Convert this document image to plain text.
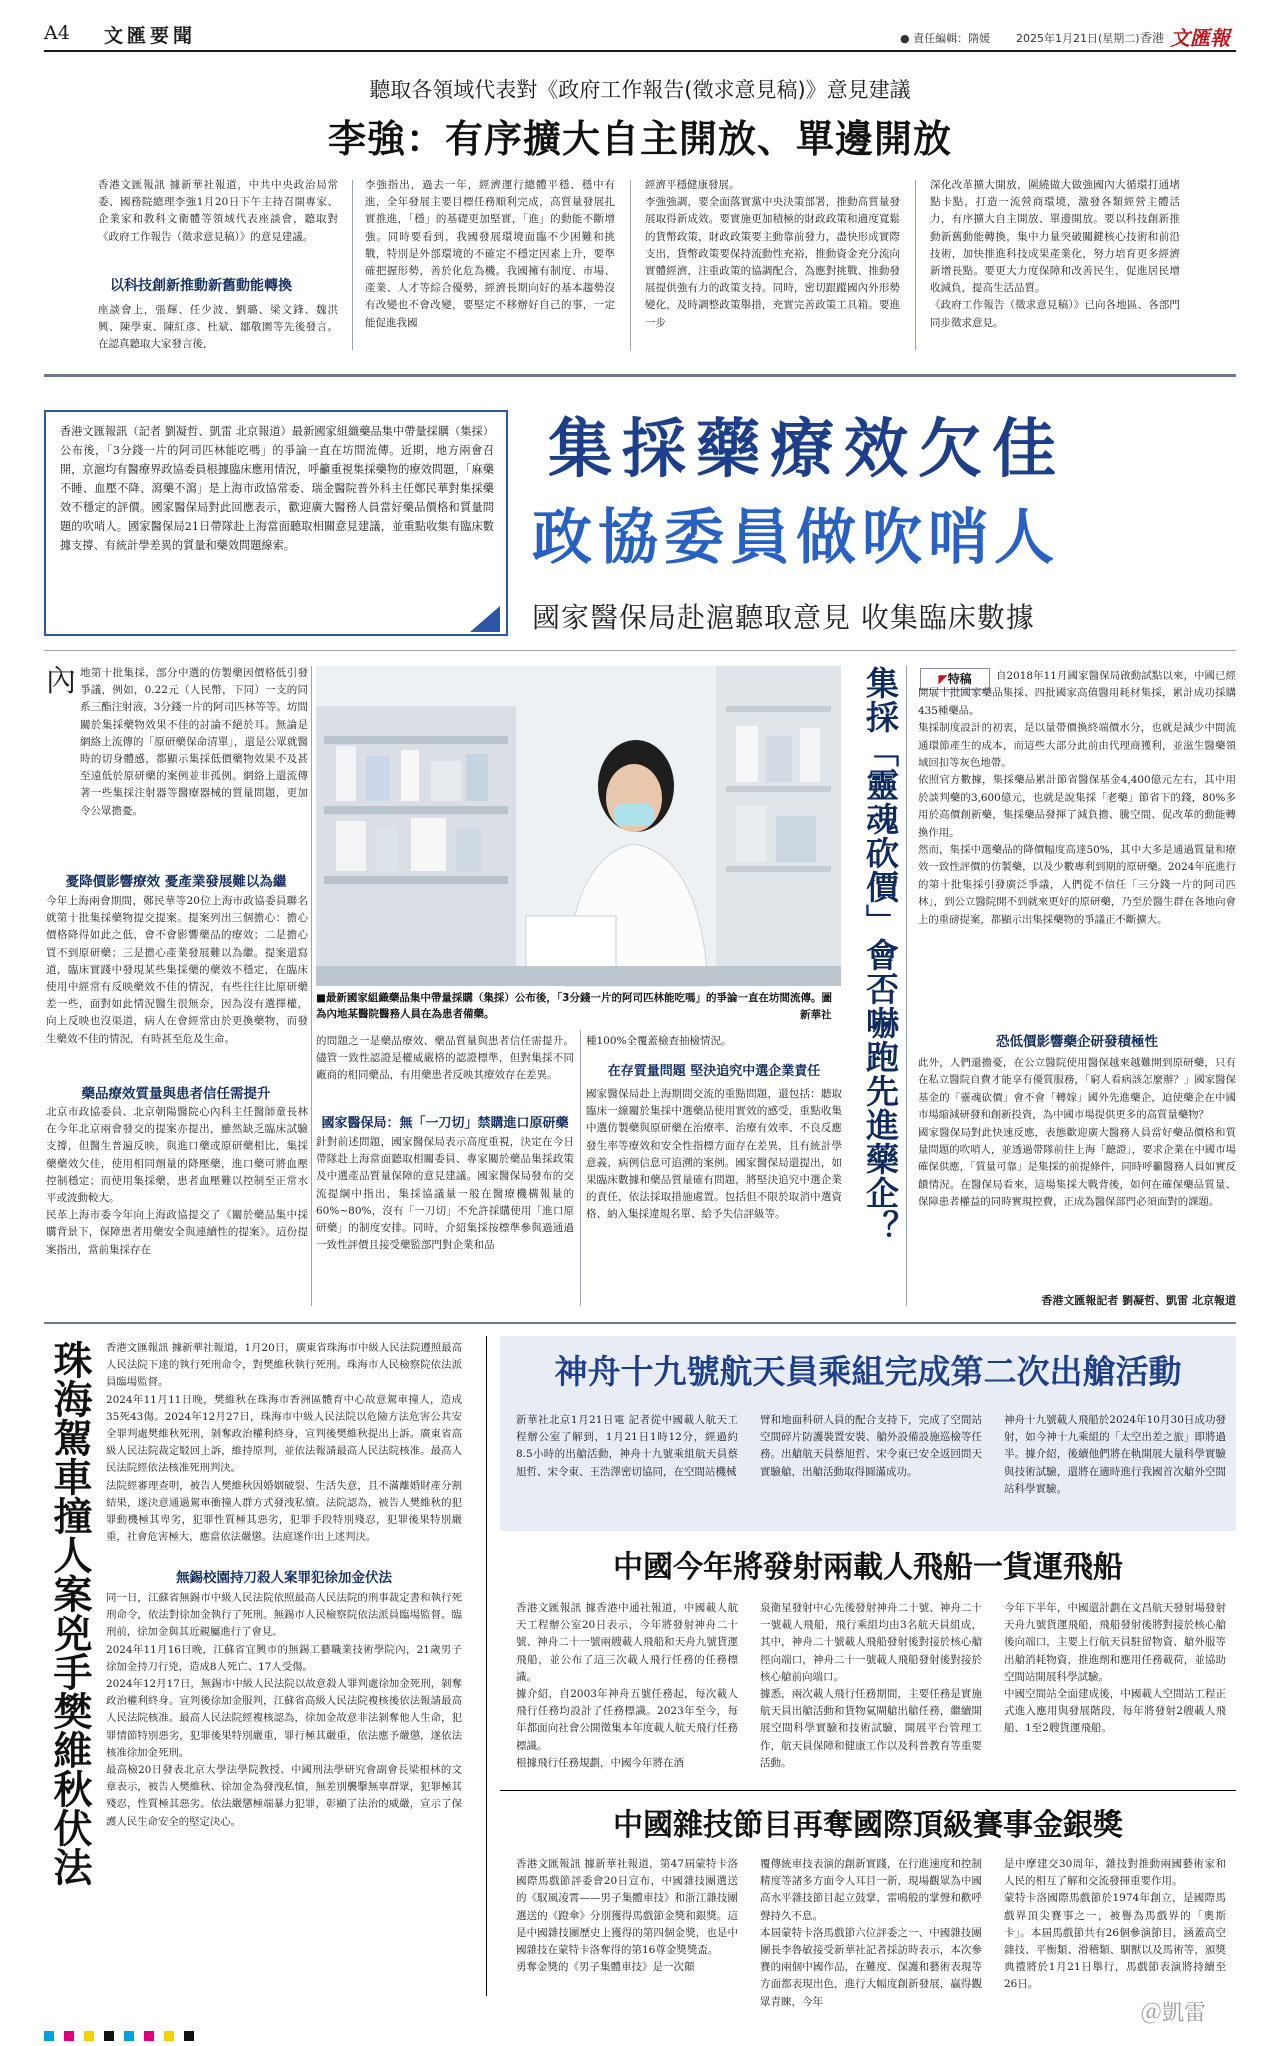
A4 文匯要聞	● 責任編輯：隋媛 2025年1月21日(星期二) 香港 文匯報
聽取各領域代表對《政府工作報告(徵求意見稿)》意見建議
李強：有序擴大自主開放、單邊開放
香港文匯報訊 據新華社報道，中共中央政治局常委、國務院總理李強1月20日下午主持召開專家、企業家和教科文衛體等領域代表座談會，聽取對《政府工作報告（徵求意見稿）》的意見建議。
以科技創新推動新舊動能轉換
座談會上，張輝、任少波、劉璐、梁文鋒、魏洪興、陳學東、陳紅彥、杜斌、鄒敬園等先後發言。在認真聽取大家發言後，
李強指出，過去一年，經濟運行總體平穩、穩中有進，全年發展主要目標任務順利完成，高質量發展扎實推進，「穩」的基礎更加堅實，「進」的動能不斷增強。同時要看到，我國發展環境面臨不少困難和挑戰，特別是外部環境的不確定不穩定因素上升，要準確把握形勢，善於化危為機。我國擁有制度、市場、產業、人才等綜合優勢，經濟長期向好的基本趨勢沒有改變也不會改變，要堅定不移辦好自己的事，一定能促進我國
經濟平穩健康發展。
李強強調，要全面落實黨中央決策部署，推動高質量發展取得新成效。要實施更加積極的財政政策和適度寬鬆的貨幣政策，財政政策要主動靠前發力，盡快形成實際支出，貨幣政策要保持流動性充裕，推動資金充分流向實體經濟，注重政策的協調配合，為應對挑戰、推動發展提供強有力的政策支持。同時，密切跟蹤國內外形勢變化，及時調整政策舉措，充實完善政策工具箱。要進一步
深化改革擴大開放，圍繞做大做強國內大循環打通堵點卡點，打造一流營商環境，激發各類經營主體活力，有序擴大自主開放、單邊開放。要以科技創新推動新舊動能轉換，集中力量突破關鍵核心技術和前沿技術，加快推進科技成果產業化，努力培育更多經濟新增長點。要更大力度保障和改善民生，促進居民增收減負，提高生活品質。
《政府工作報告（徵求意見稿）》已向各地區、各部門同步徵求意見。
香港文匯報訊（記者 劉凝哲、凱雷 北京報道）最新國家組織藥品集中帶量採購（集採）公布後，「3分錢一片的阿司匹林能吃嗎」的爭論一直在坊間流傳。近期，地方兩會召開，京滬均有醫療界政協委員根據臨床應用情況，呼籲重視集採藥物的療效問題，「麻藥不睡、血壓不降、瀉藥不瀉」是上海市政協常委、瑞金醫院普外科主任鄭民華對集採藥效不穩定的評價。國家醫保局對此回應表示，歡迎廣大醫務人員當好藥品價格和質量問題的吹哨人。國家醫保局21日帶隊赴上海當面聽取相關意見建議，並重點收集有臨床數據支撐、有統計學差異的質量和藥效問題線索。
集採藥療效欠佳
政協委員做吹哨人
國家醫保局赴滬聽取意見 收集臨床數據
內 地第十批集採，部分中選的仿製藥因價格低引發爭議，例如，0.22元（人民幣，下同）一支的同系三酯注射液，3分錢一片的阿司匹林等等。坊間關於集採藥物效果不佳的討論不絕於耳。無論是網絡上流傳的「原研藥保命清單」，還是公眾就醫時的切身體感，都顯示集採低價藥物效果不及甚至遠低於原研藥的案例並非孤例。網絡上還流傳著一些集採注射器等醫療器械的質量問題，更加令公眾擔憂。
憂降價影響療效 憂產業發展難以為繼
今年上海兩會期間，鄭民華等20位上海市政協委員聯名就第十批集採藥物提交提案。提案列出三個擔心：擔心價格降得如此之低，會不會影響藥品的療效；二是擔心買不到原研藥；三是擔心產業發展難以為繼。提案還寫道，臨床實踐中發現某些集採藥的藥效不穩定，在臨床使用中經常有反映藥效不佳的情況，有些往往比原研藥差一些，面對如此情況醫生很無奈，因為沒有選擇權，向上反映也沒渠道，病人在會經常由於更換藥物，而發生藥效不佳的情況，有時甚至危及生命。
藥品療效質量與患者信任需提升
北京市政協委員、北京朝陽醫院心內科主任醫師童長林在今年北京兩會發交的提案亦提出，雖然缺乏臨床試驗支撐，但醫生普遍反映，與進口藥或原研藥相比，集採藥藥效欠佳，使用相同劑量的降壓藥，進口藥可將血壓控制穩定；而使用集採藥，患者血壓難以控制至正常水平或波動較大。
民革上海市委今年向上海政協提交了《關於藥品集中採購背景下，保障患者用藥安全與連續性的提案》。這份提案指出，當前集採存在
■最新國家組織藥品集中帶量採購（集採）公布後，「3分錢一片的阿司匹林能吃嗎」的爭論一直在坊間流傳。圖為內地某醫院醫務人員在為患者備藥。	新華社
的問題之一是藥品療效、藥品質量與患者信任需提升。儘管一致性認證是權威嚴格的認證標準，但對集採不同廠商的相同藥品，有用藥患者反映其療效存在差異。
國家醫保局：無「一刀切」禁購進口原研藥
針對前述問題，國家醫保局表示高度重視，決定在今日帶隊赴上海當面聽取相關委員、專家關於藥品集採政策及中選產品質量保障的意見建議。國家醫保局發布的交流提綱中指出，集採協議量一般在醫療機構報量的60%~80%，沒有「一刀切」不允許採購使用「進口原研藥」的制度安排。同時，介紹集採按標準參與過通過一致性評價且接受藥監部門對企業和品
種100%全覆蓋檢查抽檢情況。
在存質量問題 堅決追究中選企業責任
國家醫保局赴上海期間交流的重點問題，還包括：聽取臨床一線關於集採中選藥品使用實效的感受，重點收集中選仿製藥與原研藥在治療率、治療有效率、不良反應發生率等療效和安全性指標方面存在差異，且有統計學意義，病例信息可追溯的案例。國家醫保局還提出，如果臨床數據和藥品質量確有問題，將堅決追究中選企業的責任，依法採取措施處置。包括但不限於取消中選資格、納入集採違規名單、給予失信評級等。	集採「靈魂砍價」會否嚇跑先進藥企？	◤特稿	自2018年11月國家醫保局啟動試點以來，中國已經開展十批國家藥品集採、四批國家高值醫用耗材集採，累計成功採購435種藥品。
集採制度設計的初衷，是以量帶價換終端價水分，也就是減少中間流通環節產生的成本，而這些大部分此前由代理商獲利，並滋生醫藥領域回扣等灰色地帶。
依照官方數據，集採藥品累計節省醫保基金4,400億元左右，其中用於談判藥的3,600億元，也就是說集採「老藥」節省下的錢，80%多用於高價創新藥，集採藥品發揮了減負擔、騰空間、促改革的動能轉換作用。
然而，集採中選藥品的降價幅度高達50%，其中大多是通過質量和療效一致性評價的仿製藥，以及少數專利到期的原研藥。2024年底進行的第十批集採引發廣泛爭議，人們從不信任「三分錢一片的阿司匹林」，到公立醫院開不到就來更好的原研藥，乃至於醫生群在各地向會上的重磅提案，都顯示出集採藥物的爭議正不斷擴大。
恐低價影響藥企研發積極性
此外，人們還擔憂，在公立醫院使用醫保越來越難開到原研藥，只有在私立醫院自費才能享有優質服務，「窮人看病該怎麼辦？」國家醫保基金的「靈魂砍價」會不會「轉嫁」國外先進藥企，迫使藥企在中國市場縮減研發和創新投資，為中國市場提供更多的高質量藥物？
國家醫保局對此快速反應，表態歡迎廣大醫務人員當好藥品價格和質量問題的吹哨人，並透過帶隊前往上海「聽證」，要求企業在中國市場確保供應，「質量可靠」是集採的前提條件，同時呼籲醫務人員如實反饋情況。在醫保局看來，這場集採大戰背後，如何在確保藥品質量、保障患者權益的同時實現控費，正成為醫保部門必須面對的課題。
香港文匯報記者 劉凝哲、凱雷 北京報道
珠海駕車撞人案兇手樊維秋伏法 香港文匯報訊 據新華社報道，1月20日，廣東省珠海市中級人民法院遵照最高人民法院下達的執行死刑命令，對樊維秋執行死刑。珠海市人民檢察院依法派員臨場監督。
2024年11月11日晚，樊維秋在珠海市香洲區體育中心故意駕車撞人，造成35死43傷。2024年12月27日，珠海市中級人民法院以危險方法危害公共安全罪判處樊維秋死刑，剝奪政治權利終身，宣判後樊維秋提出上訴。廣東省高級人民法院裁定駁回上訴，維持原判，並依法報請最高人民法院核准。最高人民法院經依法核准死刑判決。
法院經審理查明，被告人樊維秋因婚姻破裂、生活失意，且不滿離婚財產分割結果，遂決意通過駕車衝撞人群方式發洩私憤。法院認為，被告人樊維秋的犯罪動機極其卑劣，犯罪性質極其惡劣，犯罪手段特別殘忍，犯罪後果特別嚴重，社會危害極大，應當依法嚴懲。法庭遂作出上述判決。
無錫校園持刀殺人案罪犯徐加金伏法
同一日，江蘇省無錫市中級人民法院依照最高人民法院的刑事裁定書和執行死刑命令，依法對徐加金執行了死刑。無錫市人民檢察院依法派員臨場監督。臨刑前，徐加金與其近親屬進行了會見。
2024年11月16日晚，江蘇省宜興市的無錫工藝職業技術學院內，21歲男子徐加金持刀行兇，造成8人死亡、17人受傷。
2024年12月17日，無錫市中級人民法院以故意殺人罪判處徐加金死刑，剝奪政治權利終身。宣判後徐加金服判，江蘇省高級人民法院複核後依法報請最高人民法院核准。最高人民法院經複核認為，徐加金故意非法剝奪他人生命，犯罪情節特別惡劣，犯罪後果特別嚴重，罪行極其嚴重，依法應予嚴懲，遂依法核准徐加金死刑。
最高檢20日發表北京大學法學院教授、中國刑法學研究會副會長梁根林的文章表示，被告人樊維秋、徐加金為發洩私憤，無差別襲擊無辜群眾，犯罪極其殘忍，性質極其惡劣。依法嚴懲極端暴力犯罪，彰顯了法治的威嚴，宣示了保護人民生命安全的堅定決心。
神舟十九號航天員乘組完成第二次出艙活動
新華社北京1月21日電 記者從中國載人航天工程辦公室了解到，1月21日1時12分，經過約8.5小時的出艙活動，神舟十九號乘組航天員蔡旭哲、宋令東、王浩澤密切協同，在空間站機械
臂和地面科研人員的配合支持下，完成了空間站空間碎片防護裝置安裝、艙外設備設施巡檢等任務。出艙航天員蔡旭哲、宋令東已安全返回問天實驗艙，出艙活動取得圓滿成功。
神舟十九號載人飛船於2024年10月30日成功發射，如今神十九乘組的「太空出差之旅」即將過半。據介紹，後續他們將在軌開展大量科學實驗與技術試驗，還將在適時進行我國首次艙外空間站科學實驗。
中國今年將發射兩載人飛船一貨運飛船
香港文匯報訊 據香港中通社報道，中國載人航天工程辦公室20日表示，今年將發射神舟二十號、神舟二十一號兩艘載人飛船和天舟九號貨運飛船，並公布了這三次載人飛行任務的任務標識。
據介紹，自2003年神舟五號任務起，每次載人飛行任務均設計了任務標識。2023年至今，每年都面向社會公開徵集本年度載人航天飛行任務標識。
根據飛行任務規劃，中國今年將在酒
泉衛星發射中心先後發射神舟二十號、神舟二十一號載人飛船，飛行乘組均由3名航天員組成，其中，神舟二十號載人飛船發射後對接於核心艙徑向端口，神舟二十一號載人飛船發射後對接於核心艙前向端口。
據悉，兩次載人飛行任務期間，主要任務是實施航天員出艙活動和貨物氣閘艙出艙任務，繼續開展空間科學實驗和技術試驗，開展平台管理工作，航天員保障和健康工作以及科普教育等重要活動。
今年下半年，中國還計劃在文昌航天發射場發射天舟九號貨運飛船，飛船發射後將對接於核心艙後向端口，主要上行航天員駐留物資、艙外服等出艙消耗物資，推進劑和應用任務載荷，並協助空間站開展科學試驗。
中國空間站全面建成後，中國載人空間站工程正式進入應用與發展階段，每年將發射2艘載人飛船、1至2艘貨運飛船。
中國雜技節目再奪國際頂級賽事金銀獎
香港文匯報訊 據新華社報道，第47屆蒙特卡洛國際馬戲節評委會20日宣布，中國雜技團選送的《馭風凌霄——男子集體車技》和浙江雜技團選送的《蹬傘》分別獲得馬戲節金獎和銀獎。這是中國雜技團歷史上獲得的第四個金獎，也是中國雜技在蒙特卡洛奪得的第16尊金獎獎盃。
勇奪金獎的《男子集體車技》是一次顛
覆傳統車技表演的創新實踐，在行進速度和控制精度等諸多方面令人耳目一新，現場觀眾為中國高水平雜技節目起立鼓掌，雷鳴般的掌聲和歡呼聲持久不息。
本屆蒙特卡洛馬戲節六位評委之一、中國雜技團團長李魯敏接受新華社記者採訪時表示，本次參賽的兩個中國作品，在難度、保護和藝術表現等方面都表現出色，進行大幅度創新發展，贏得觀眾青睞，今年
是中摩建交30周年，雜技對推動兩國藝術家和人民的相互了解和交流發揮重要作用。
蒙特卡洛國際馬戲節於1974年創立，是國際馬戲界頂尖賽事之一，被譽為馬戲界的「奧斯卡」。本屆馬戲節共有26個參演節目，涵蓋高空雜技、平衡類、滑稽類、馴獸以及馬術等，頒獎典禮將於1月21日舉行，馬戲節表演將持續至26日。
＠凱雷
